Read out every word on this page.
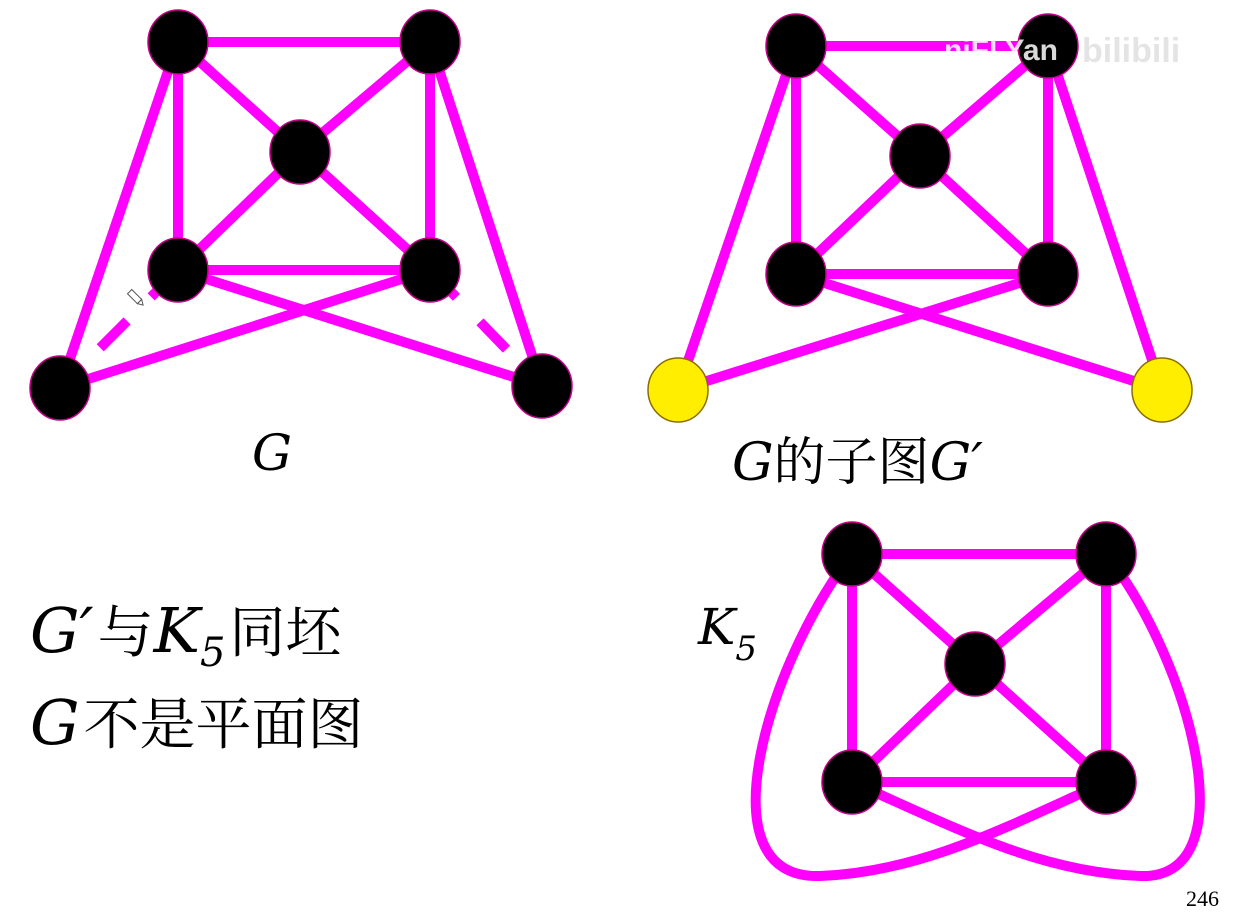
G	G的子图G′
K5
G′与K5同坯
G不是平面图
niFLYan bilibili
246
